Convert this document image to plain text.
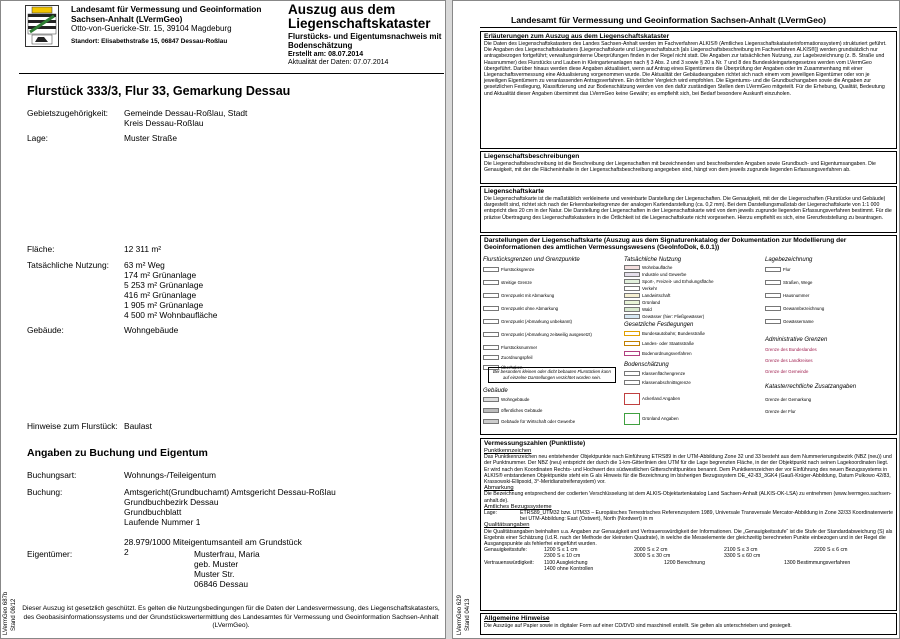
Landesamt für Vermessung und Geoinformation
Sachsen-Anhalt (LVermGeo)
Otto-von-Guericke-Str. 15, 39104 Magdeburg
Standort: Elisabethstraße 15, 06847 Dessau-Roßlau
Auszug aus dem
Liegenschaftskataster
Flurstücks- und Eigentumsnachweis mit Bodenschätzung
Erstellt am: 08.07.2014
Aktualität der Daten: 07.07.2014
Flurstück 333/3, Flur 33, Gemarkung Dessau
Gebietszugehörigkeit: Gemeinde Dessau-Roßlau, Stadt
Kreis Dessau-Roßlau
Lage:	Muster Straße
Fläche:	12 311 m²
Tatsächliche Nutzung: 63 m² Weg
174 m² Grünanlage
5 253 m² Grünanlage
416 m² Grünanlage
1 905 m² Grünanlage
4 500 m² Wohnbaufläche
Gebäude:	Wohngebäude
Hinweise zum Flurstück: Baulast
Angaben zu Buchung und Eigentum
Buchungsart:	Wohnungs-/Teileigentum
Buchung:	Amtsgericht(Grundbuchamt) Amtsgericht Dessau-Roßlau
Grundbuchbezirk Dessau
Grundbuchblatt
Laufende Nummer 1
28.979/1000 Miteigentumsanteil am Grundstück
Eigentümer:	2	Musterfrau, Maria
geb. Muster
Muster Str.
06846 Dessau
LVermGeo 687b Stand 08/12 Dieser Auszug ist gesetzlich geschützt. Es gelten die Nutzungsbedingungen für die Daten der Landesvermessung, des Liegenschaftskatasters, des Geobasisinformationssystems und der Grundstückswertermittlung des Landesamtes für Vermessung und Geoinformation Sachsen-Anhalt (LVermGeo).
Landesamt für Vermessung und Geoinformation Sachsen-Anhalt (LVermGeo)
Erläuterungen zum Auszug aus dem Liegenschaftskataster
Die Daten des Liegenschaftskatasters des Landes Sachsen-Anhalt werden im Fachverfahren ALKIS® (Amtliches Liegenschaftskatasterinformationssystem) strukturiert geführt. Die Angaben des Liegenschaftskatasters (Liegenschaftskarte und Liegenschaftsbuch [als Liegenschaftsbeschreibung im Fachverfahren ALKIS®]) werden grundsätzlich nur antragsbezogen fortgeführt; verwaltungsinterne Überprüfungen finden in der Regel nicht statt. Die Angaben zur tatsächlichen Nutzung, zur Lagebezeichnung (z. B. Straße und Hausnummer) des Flurstücks und Lauben in Kleingartenanlagen nach § 3 Abs. 2 und 3 sowie § 20 a Nr. 7 und 8 des Bundeskleingartengesetzes werden vom LVermGeo übergeführt. Darüber hinaus werden diese Angaben aktualisiert, wenn auf Antrag eines Eigentümers die Überprüfung der Angaben oder im Zusammenhang mit einer Liegenschaftsvermessung eine Aktualisierung vorgenommen wurde. Die Aktualität der Gebäudeangaben richtet sich nach einem vom jeweiligen Eigentümer oder von je jeweiligen Eigentümern zu veranlassenden Antragsverfahren. Ein örtlicher Vergleich wird empfohlen. Die Eigentums- und die Grundbuchangaben sowie die Angaben zur gesetzlichen Festlegung, Klassifizierung und zur Bodenschätzung werden von den dafür zuständigen Stellen dem LVermGeo mitgeteilt. Für die Erhebung, Qualität, Bedeutung und Aktualität dieser Angaben übernimmt das LVermGeo keine Gewähr; es empfiehlt sich, bei Bedarf besondere Auskunft einzuholen.
Liegenschaftsbeschreibungen
Die Liegenschaftsbeschreibung ist die Beschreibung der Liegenschaften mit bezeichnenden und beschreibenden Angaben sowie Grundbuch- und Eigentumsangaben. Die Genauigkeit, mit der die Flächeninhalte in der Liegenschaftsbeschreibung angegeben sind, hängt von dem jeweils zugrunde liegenden Erfassungsverfahren ab.
Liegenschaftskarte
Die Liegenschaftskarte ist die maßstäblich verkleinerte und vereinbarte Darstellung der Liegenschaften. Die Genauigkeit, mit der die Liegenschaften (Flurstücke und Gebäude) dargestellt sind, richtet sich nach der Erkennbarkeitsgrenze der analogen Kartendarstellung (ca. 0,2 mm). Bei dem Darstellungsmaßstab der Liegenschaftskarte von 1:1 000 entspricht dies 20 cm in der Natur. Die Darstellung der Liegenschaften in der Liegenschaftskarte wird von dem jeweils zugrunde liegenden Erfassungsverfahren bestimmt. Für die präzise Übertragung des Liegenschaftskatasters in die Örtlichkeit ist die Liegenschaftskarte nicht vorgesehen. Hierzu empfiehlt es sich, eine Grenzfeststellung zu beantragen.
Darstellungen der Liegenschaftskarte (Auszug aus dem Signaturenkatalog der Dokumentation zur Modellierung der Geoinformationen des amtlichen Vermessungswesens (GeoInfoDok, 6.0.1))
Flurstücksgrenzen und Grenzpunkte	Tatsächliche Nutzung	Lagebezeichnung
Flurstücksgrenze
streitige Grenze
Grenzpunkt mit Abmarkung
Grenzpunkt ohne Abmarkung
Grenzpunkt (Abmarkung unbekannt)
Grenzpunkt (Abmarkung zeitweilig ausgesetzt)
Flurstücksnummer
Zuordnungspfeil
Überhaken
Bei besonders kleinen oder dicht bebauten Flurstücken kann auf einzelne Darstellungen verzichtet worden sein.
Gebäude
Wohngebäude
öffentliches Gebäude
Gebäude für Wirtschaft oder Gewerbe
Wohnbaufläche
Industrie und Gewerbe
Sport-, Freizeit- und Erholungsfläche
Verkehr
Landwirtschaft
Grünland
Wald
Gewässer (hier: Fließgewässer)
Gesetzliche Festlegungen
Bundesautobahn; Bundesstraße
Landes- oder Staatsstraße
Bodenordnungsverfahren
Bodenschätzung
Klassenflächengrenze
Klassenabschnittsgrenze
Ackerland Angaben
Grünland Angaben
Flur
Straßen, Wege
Hausnummer
Gewannbezeichnung
Gewässername
Administrative Grenzen
Grenze des Bundeslandes
Grenze des Landkreises
Grenze der Gemeinde
Katasterrechtliche Zusatzangaben
Grenze der Gemarkung
Grenze der Flur
Vermessungszahlen (Punktliste)
Punktkennzeichen
Das Punktkennzeichen neu entstehender Objektpunkte nach Einführung ETRS89 in der UTM-Abbildung Zone 32 und 33 besteht aus dem Nummerierungsbezirk (NBZ (neu)) und der Punktnummer. Der NBZ (neu) entspricht der durch die 1-km-Gitterlinien des UTM für die Lage begrenzten Fläche, in der der Objektpunkt nach seinen Lagekoordinaten liegt. Er wird nach den Koordinaten Rechts- und Hochwert des südwestlichen Gitterschnittpunktes benannt. Dem Punktkennzeichen der vor Einführung des neuen Bezugssystems in ALKIS® entstandenen Objektpunkte steht ein G als Hinweis für die Bezeichnung im bisherigen Bezugssystem DE_42-83_3GK4 (Gauß-Krüger-Abbildung, Datum Pulkowo 42/83, Krassowski-Ellipsoid, 3°-Meridianstreifensystem) vor.
Abmarkung
Die Bezeichnung entsprechend der codierten Verschlüsselung ist dem ALKIS-Objektartenkatalog Land Sachsen-Anhalt (ALKIS-OK-LSA) zu entnehmen (www.lvermgeo.sachsen-anhalt.de).
Amtliches Bezugssysteme
Lage:	ETRS89_UTM32 bzw. UTM33 – Europäisches Terrestrisches Referenzsystem 1989, Universale Transversale Mercator-Abbildung in Zone 32/33 Koordinatenwerte bei UTM-Abbildung: East (Ostwert), North (Nordwert) in m
Qualitätsangaben
Die Qualitätsangaben beinhalten u.a. Angaben zur Genauigkeit und Vertrauenswürdigkeit der Informationen. Die „Genauigkeitsstufe“ ist die Stufe der Standardabweichung (S) als Ergebnis einer Schätzung (i.d.R. nach der Methode der kleinsten Quadrate), in welche die Messelemente der gleichzeitig berechneten Punkte einbezogen und in der Regel die Ausgangspunkte als fehlerfrei eingeführt wurden.
Genauigkeitsstufe:	1200 S ≤ 1 cm	2000 S ≤ 2 cm	2100 S ≤ 3 cm	2200 S ≤ 6 cm
2300 S ≤ 10 cm	3000 S ≤ 30 cm	3300 S ≤ 60 cm
Vertrauenswürdigkeit:	1100 Ausgleichung	1200 Berechnung	1300 Bestimmungsverfahren
1400 ohne Kontrollen
Allgemeine Hinweise
Die Auszüge auf Papier sowie in digitaler Form auf einer CD/DVD sind maschinell erstellt. Sie gelten als unterschrieben und gesiegelt.
LVermGeo 629 Stand 04/13
